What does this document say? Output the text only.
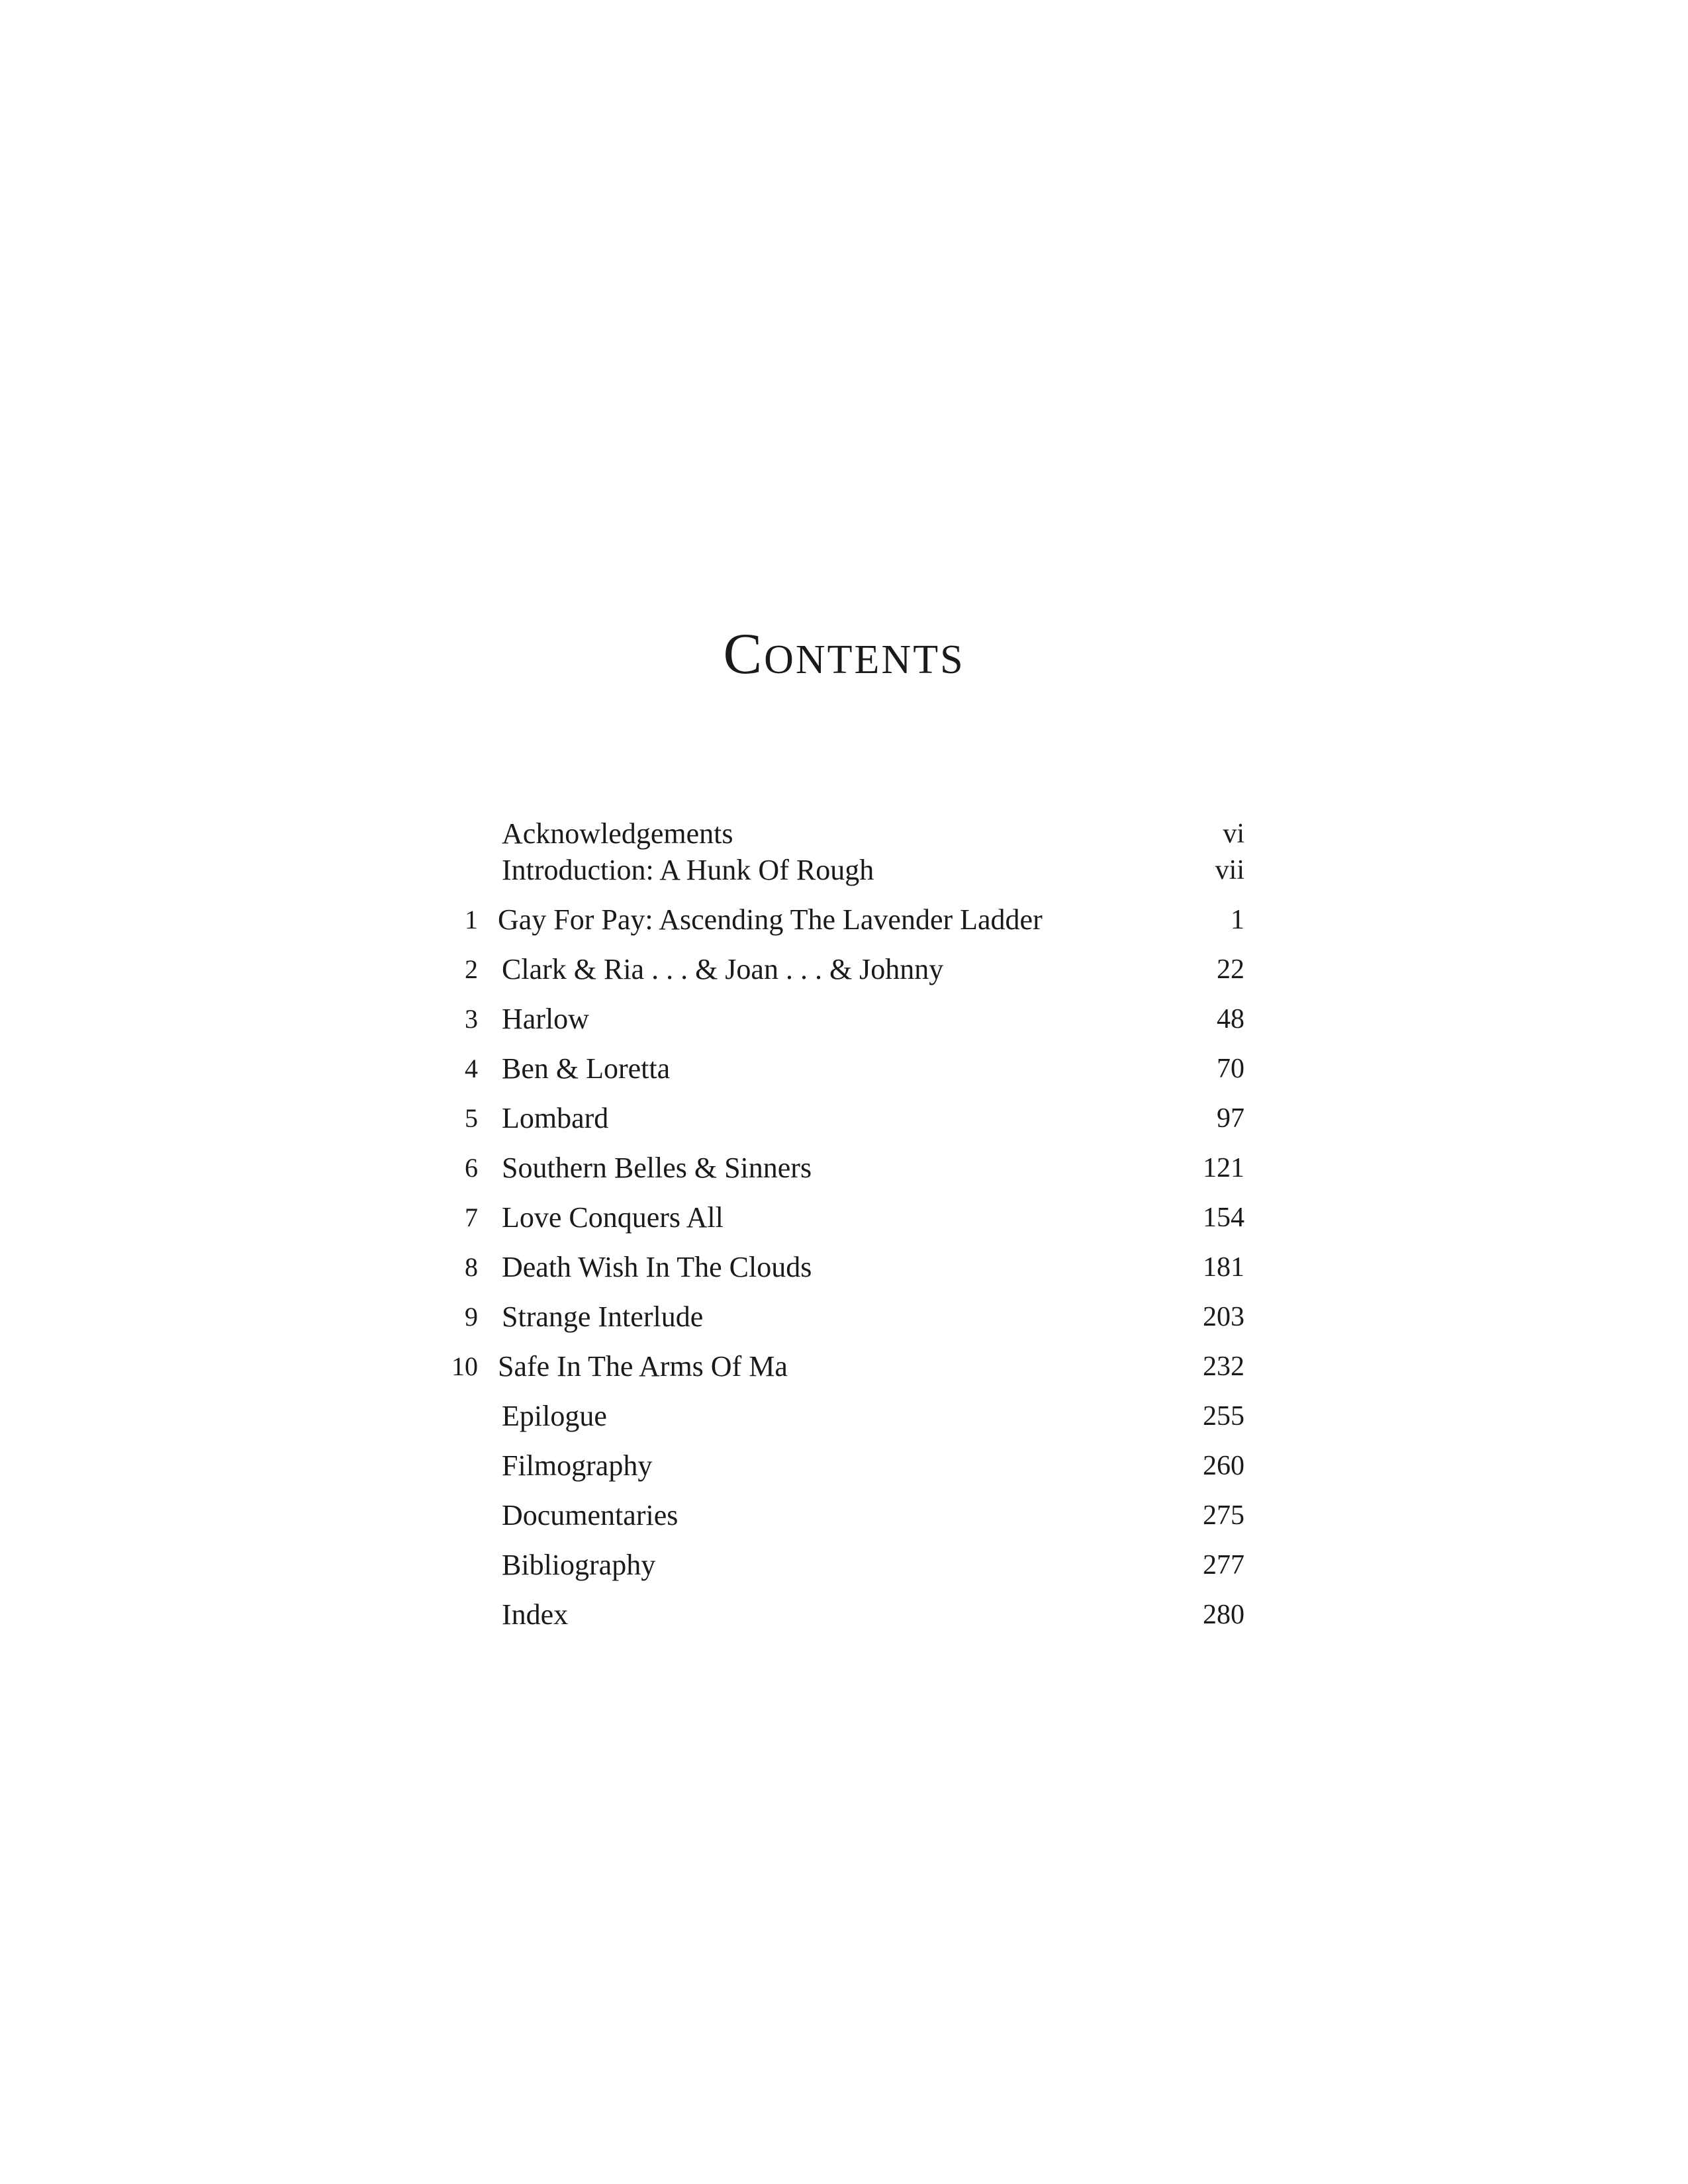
Contents
Acknowledgements	vi
Introduction: A Hunk Of Rough	vii
1 Gay For Pay: Ascending The Lavender Ladder	1
2 Clark & Ria . . . & Joan . . . & Johnny	22
3 Harlow	48
4 Ben & Loretta	70
5 Lombard	97
6 Southern Belles & Sinners	121
7 Love Conquers All	154
8 Death Wish In The Clouds	181
9 Strange Interlude	203
10 Safe In The Arms Of Ma	232
Epilogue	255
Filmography	260
Documentaries	275
Bibliography	277
Index	280
